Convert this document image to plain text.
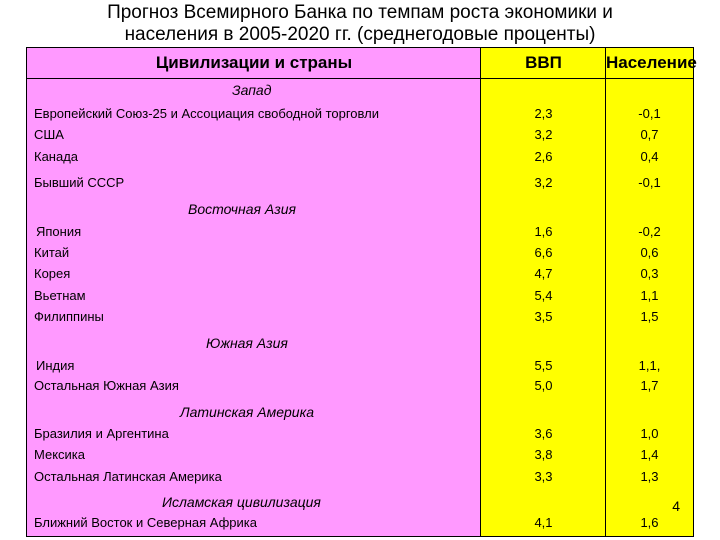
Прогноз Всемирного Банка по темпам роста экономики и
населения в 2005-2020 гг. (среднегодовые проценты)
Цивилизации и страны	ВВП	Население
Запад
Европейский Союз-25 и Ассоциация свободной торговли	2,3	-0,1
США	3,2	0,7
Канада	2,6	0,4
Бывший СССР	3,2	-0,1
Восточная Азия
Япония	1,6	-0,2
Китай	6,6	0,6
Корея	4,7	0,3
Вьетнам	5,4	1,1
Филиппины	3,5	1,5
Южная Азия
Индия	5,5	1,1,
Остальная Южная Азия	5,0	1,7
Латинская Америка
Бразилия и Аргентина	3,6	1,0
Мексика	3,8	1,4
Остальная Латинская Америка	3,3	1,3
Исламская цивилизация
Ближний Восток и Северная Африка	4,1	1,6
4
